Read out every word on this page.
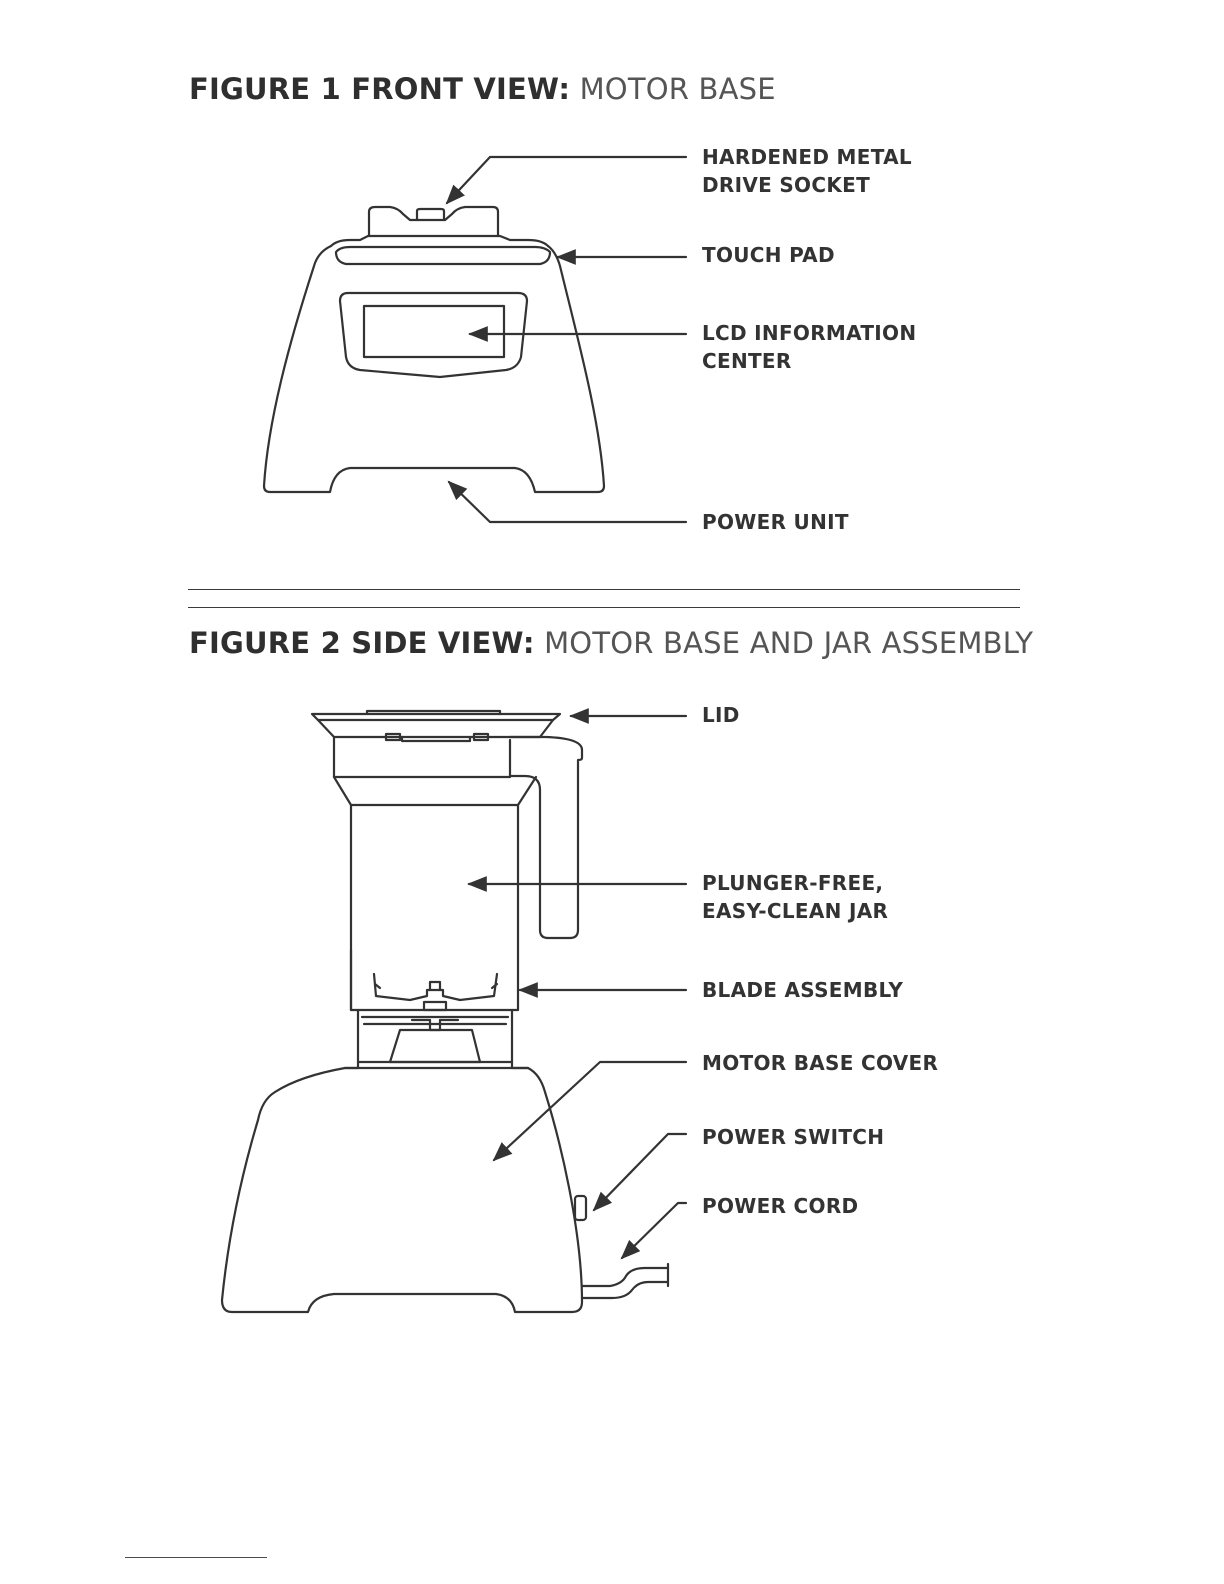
FIGURE 1 FRONT VIEW: MOTOR BASE
HARDENED METAL
DRIVE SOCKET
TOUCH PAD
LCD INFORMATION
CENTER
POWER UNIT
FIGURE 2 SIDE VIEW: MOTOR BASE AND JAR ASSEMBLY
LID
PLUNGER-FREE,
EASY-CLEAN JAR
BLADE ASSEMBLY
MOTOR BASE COVER
POWER SWITCH
POWER CORD
